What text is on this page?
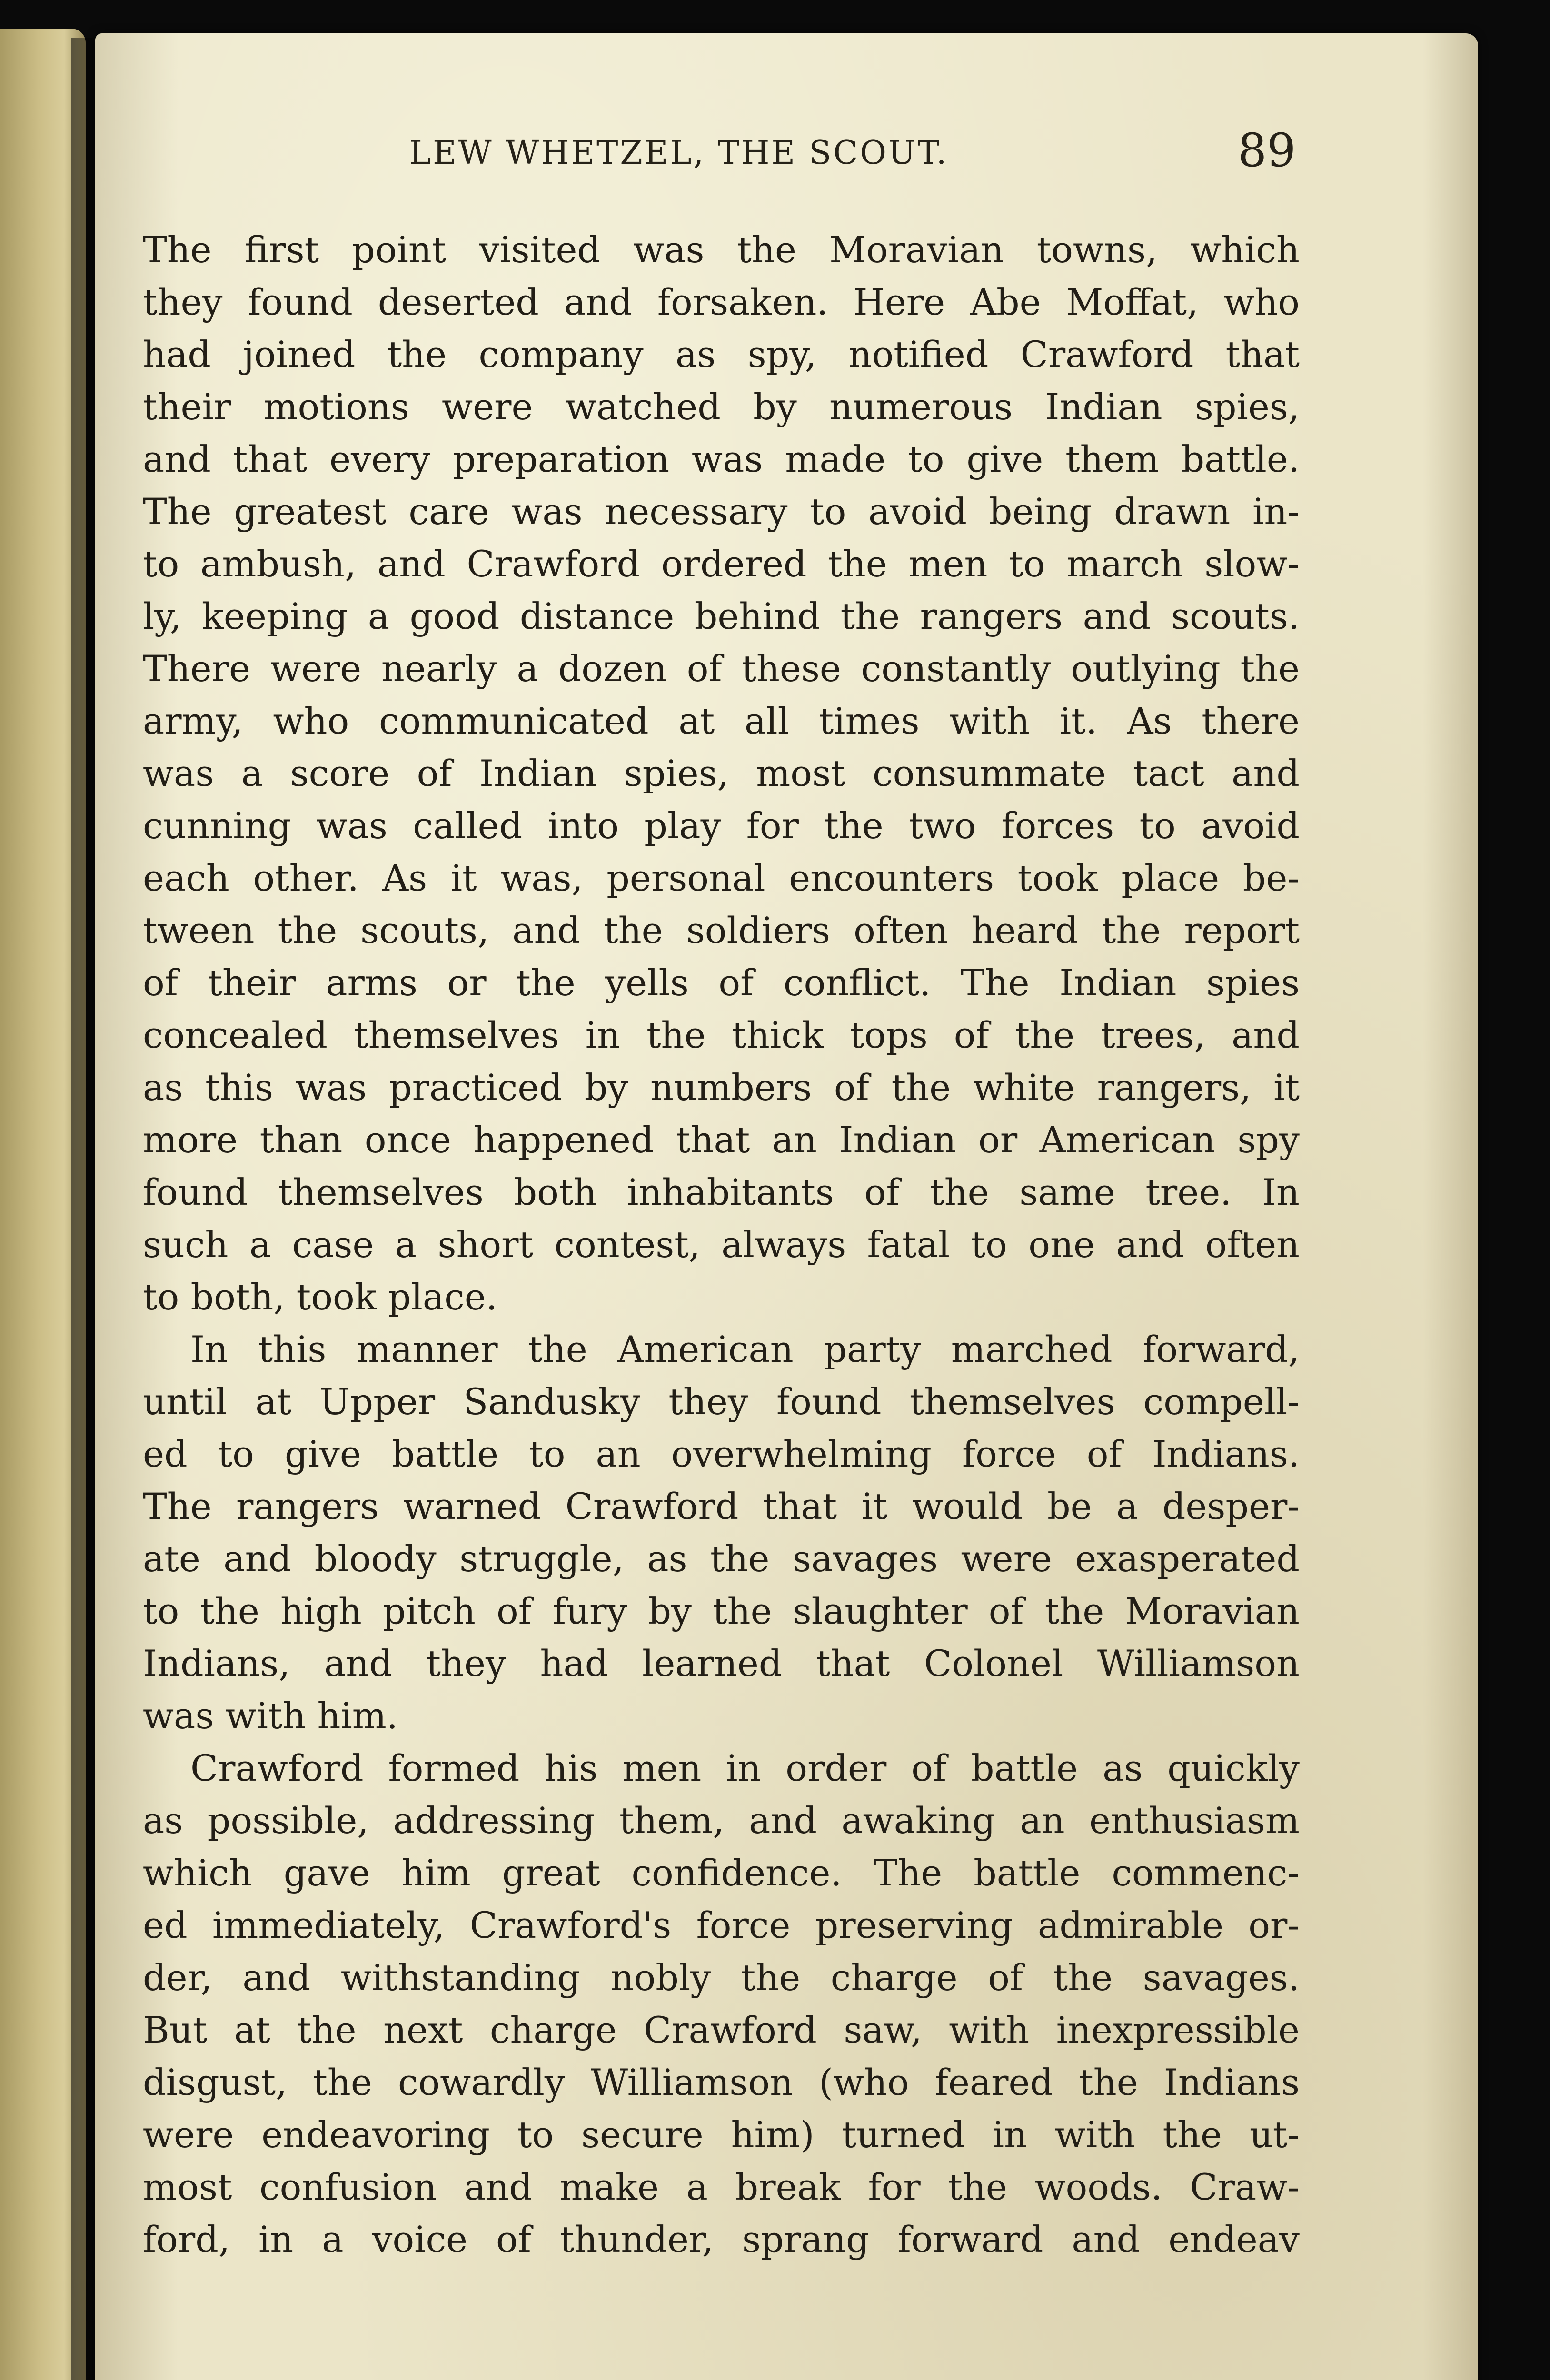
LEW WHETZEL, THE SCOUT.	89
The first point visited was the Moravian towns, which
they found deserted and forsaken. Here Abe Moffat, who
had joined the company as spy, notified Crawford that
their motions were watched by numerous Indian spies,
and that every preparation was made to give them battle.
The greatest care was necessary to avoid being drawn in-
to ambush, and Crawford ordered the men to march slow-
ly, keeping a good distance behind the rangers and scouts.
There were nearly a dozen of these constantly outlying the
army, who communicated at all times with it. As there
was a score of Indian spies, most consummate tact and
cunning was called into play for the two forces to avoid
each other. As it was, personal encounters took place be-
tween the scouts, and the soldiers often heard the report
of their arms or the yells of conflict. The Indian spies
concealed themselves in the thick tops of the trees, and
as this was practiced by numbers of the white rangers, it
more than once happened that an Indian or American spy
found themselves both inhabitants of the same tree. In
such a case a short contest, always fatal to one and often
to both, took place.
In this manner the American party marched forward,
until at Upper Sandusky they found themselves compell-
ed to give battle to an overwhelming force of Indians.
The rangers warned Crawford that it would be a desper-
ate and bloody struggle, as the savages were exasperated
to the high pitch of fury by the slaughter of the Moravian
Indians, and they had learned that Colonel Williamson
was with him.
Crawford formed his men in order of battle as quickly
as possible, addressing them, and awaking an enthusiasm
which gave him great confidence. The battle commenc-
ed immediately, Crawford's force preserving admirable or-
der, and withstanding nobly the charge of the savages.
But at the next charge Crawford saw, with inexpressible
disgust, the cowardly Williamson (who feared the Indians
were endeavoring to secure him) turned in with the ut-
most confusion and make a break for the woods. Craw-
ford, in a voice of thunder, sprang forward and endeav
